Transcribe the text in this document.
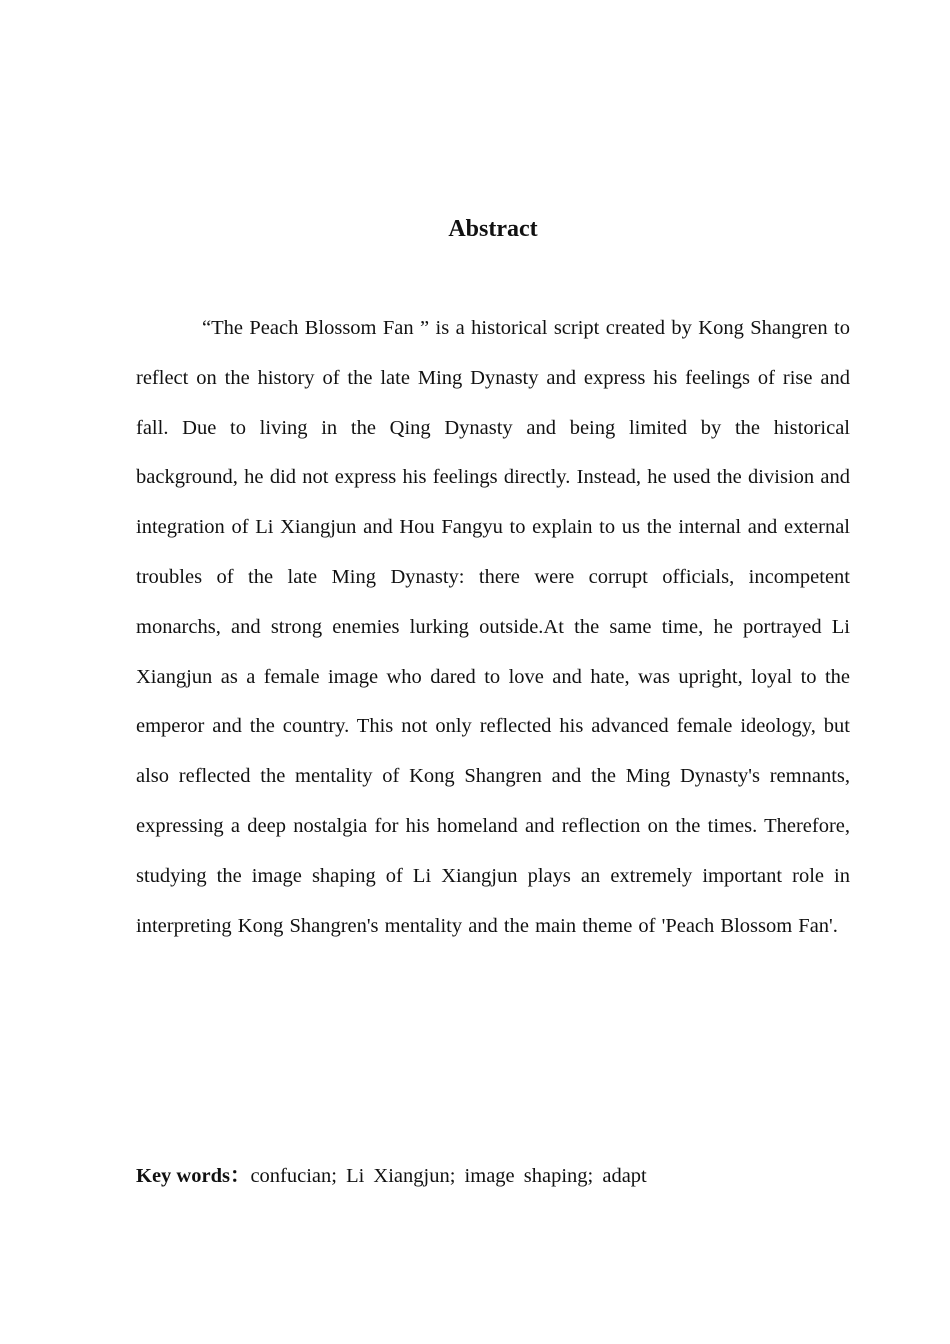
Abstract

“The Peach Blossom Fan ” is a historical script created by Kong Shangren to reflect on the history of the late Ming Dynasty and express his feelings of rise and fall. Due to living in the Qing Dynasty and being limited by the historical background, he did not express his feelings directly. Instead, he used the division and integration of Li Xiangjun and Hou Fangyu to explain to us the internal and external troubles of the late Ming Dynasty: there were corrupt officials, incompetent monarchs, and strong enemies lurking outside.At the same time, he portrayed Li Xiangjun as a female image who dared to love and hate, was upright, loyal to the emperor and the country. This not only reflected his advanced female ideology, but also reflected the mentality of Kong Shangren and the Ming Dynasty's remnants, expressing a deep nostalgia for his homeland and reflection on the times. Therefore, studying the image shaping of Li Xiangjun plays an extremely important role in interpreting Kong Shangren's mentality and the main theme of 'Peach Blossom Fan'.

Key words：confucian; Li Xiangjun; image shaping; adapt
